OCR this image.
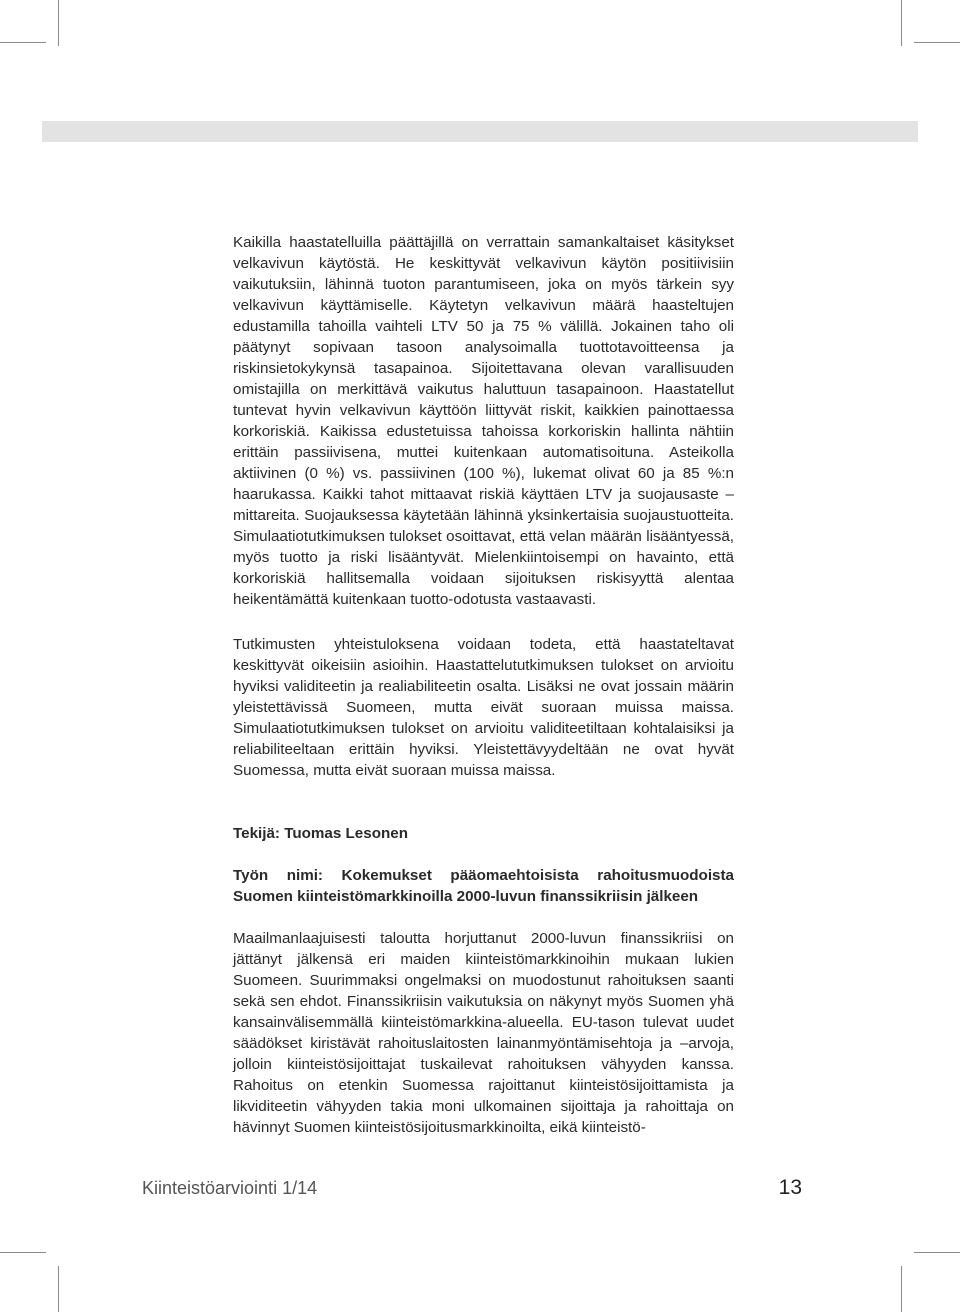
Kaikilla haastatelluilla päättäjillä on verrattain samankaltaiset käsitykset velkavivun käytöstä. He keskittyvät velkavivun käytön positiivisiin vaikutuksiin, lähinnä tuoton parantumiseen, joka on myös tärkein syy velkavivun käyttämiselle. Käytetyn velkavivun määrä haasteltujen edustamilla tahoilla vaihteli LTV 50 ja 75 % välillä. Jokainen taho oli päätynyt sopivaan tasoon analysoimalla tuottotavoitteensa ja riskinsietokykynsä tasapainoa. Sijoitettavana olevan varallisuuden omistajilla on merkittävä vaikutus haluttuun tasapainoon. Haastatellut tuntevat hyvin velkavivun käyttöön liittyvät riskit, kaikkien painottaessa korkoriskiä. Kaikissa edustetuissa tahoissa korkoriskin hallinta nähtiin erittäin passiivisena, muttei kuitenkaan automatisoituna. Asteikolla aktiivinen (0 %) vs. passiivinen (100 %), lukemat olivat 60 ja 85 %:n haarukassa. Kaikki tahot mittaavat riskiä käyttäen LTV ja suojausaste – mittareita. Suojauksessa käytetään lähinnä yksinkertaisia suojaustuotteita. Simulaatiotutkimuksen tulokset osoittavat, että velan määrän lisääntyessä, myös tuotto ja riski lisääntyvät. Mielenkiintoisempi on havainto, että korkoriskiä hallitsemalla voidaan sijoituksen riskisyyttä alentaa heikentämättä kuitenkaan tuotto-odotusta vastaavasti.

Tutkimusten yhteistuloksena voidaan todeta, että haastateltavat keskittyvät oikeisiin asioihin. Haastattelututkimuksen tulokset on arvioitu hyviksi validiteetin ja realiabiliteetin osalta. Lisäksi ne ovat jossain määrin yleistettävissä Suomeen, mutta eivät suoraan muissa maissa. Simulaatiotutkimuksen tulokset on arvioitu validiteetiltaan kohtalaisiksi ja reliabiliteeltaan erittäin hyviksi. Yleistettävyydeltään ne ovat hyvät Suomessa, mutta eivät suoraan muissa maissa.

Tekijä: Tuomas Lesonen

Työn nimi: Kokemukset pääomaehtoisista rahoitusmuodoista Suomen kiinteistömarkkinoilla 2000-luvun finanssikriisin jälkeen

Maailmanlaajuisesti taloutta horjuttanut 2000-luvun finanssikriisi on jättänyt jälkensä eri maiden kiinteistömarkkinoihin mukaan lukien Suomeen. Suurimmaksi ongelmaksi on muodostunut rahoituksen saanti sekä sen ehdot. Finanssikriisin vaikutuksia on näkynyt myös Suomen yhä kansainvälisemmällä kiinteistömarkkina-alueella. EU-tason tulevat uudet säädökset kiristävät rahoituslaitosten lainanmyöntämisehtoja ja –arvoja, jolloin kiinteistösijoittajat tuskailevat rahoituksen vähyyden kanssa. Rahoitus on etenkin Suomessa rajoittanut kiinteistösijoittamista ja likviditeetin vähyyden takia moni ulkomainen sijoittaja ja rahoittaja on hävinnyt Suomen kiinteistösijoitusmarkkinoilta, eikä kiinteistö-

Kiinteistöarviointi 1/14	13
